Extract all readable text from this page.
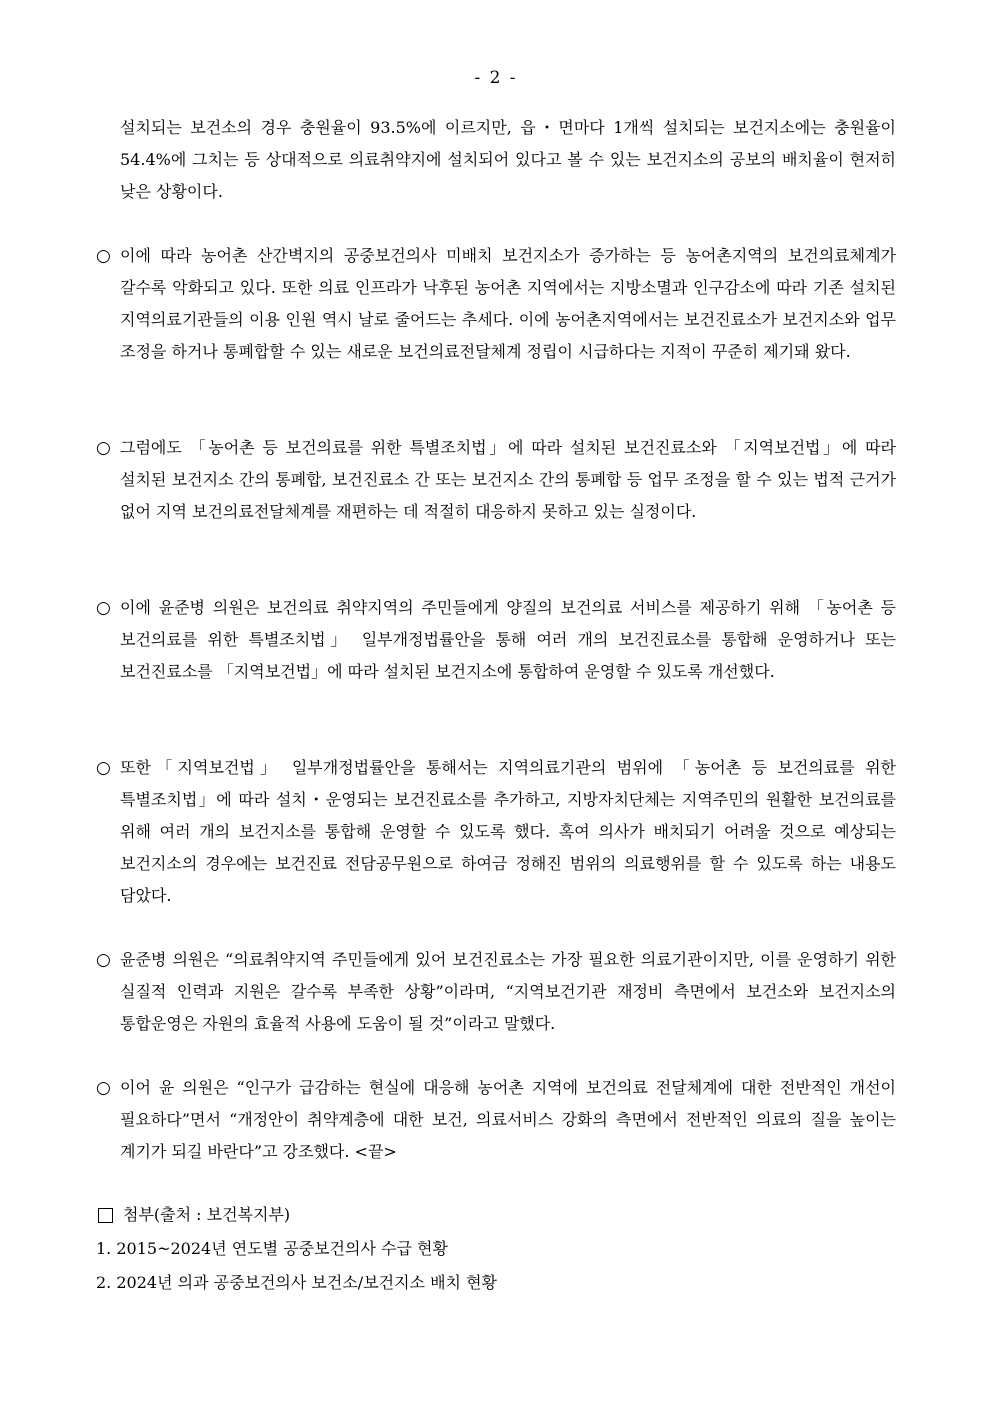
- 2 -
설치되는 보건소의 경우 충원율이 93.5%에 이르지만, 읍・면마다 1개씩 설치되는 보건지소에는 충원율이 54.4%에 그치는 등 상대적으로 의료취약지에 설치되어 있다고 볼 수 있는 보건지소의 공보의 배치율이 현저히 낮은 상황이다.
○ 이에 따라 농어촌 산간벽지의 공중보건의사 미배치 보건지소가 증가하는 등 농어촌지역의 보건의료체계가 갈수록 악화되고 있다. 또한 의료 인프라가 낙후된 농어촌 지역에서는 지방소멸과 인구감소에 따라 기존 설치된 지역의료기관들의 이용 인원 역시 날로 줄어드는 추세다. 이에 농어촌지역에서는 보건진료소가 보건지소와 업무 조정을 하거나 통폐합할 수 있는 새로운 보건의료전달체계 정립이 시급하다는 지적이 꾸준히 제기돼 왔다.
○ 그럼에도 「농어촌 등 보건의료를 위한 특별조치법」에 따라 설치된 보건진료소와 「지역보건법」에 따라 설치된 보건지소 간의 통폐합, 보건진료소 간 또는 보건지소 간의 통폐합 등 업무 조정을 할 수 있는 법적 근거가 없어 지역 보건의료전달체계를 재편하는 데 적절히 대응하지 못하고 있는 실정이다.
○ 이에 윤준병 의원은 보건의료 취약지역의 주민들에게 양질의 보건의료 서비스를 제공하기 위해 「농어촌 등 보건의료를 위한 특별조치법」 일부개정법률안을 통해 여러 개의 보건진료소를 통합해 운영하거나 또는 보건진료소를 「지역보건법」에 따라 설치된 보건지소에 통합하여 운영할 수 있도록 개선했다.
○ 또한「지역보건법」 일부개정법률안을 통해서는 지역의료기관의 범위에 「농어촌 등 보건의료를 위한 특별조치법」에 따라 설치・운영되는 보건진료소를 추가하고, 지방자치단체는 지역주민의 원활한 보건의료를 위해 여러 개의 보건지소를 통합해 운영할 수 있도록 했다. 혹여 의사가 배치되기 어려울 것으로 예상되는 보건지소의 경우에는 보건진료 전담공무원으로 하여금 정해진 범위의 의료행위를 할 수 있도록 하는 내용도 담았다.
○ 윤준병 의원은 “의료취약지역 주민들에게 있어 보건진료소는 가장 필요한 의료기관이지만, 이를 운영하기 위한 실질적 인력과 지원은 갈수록 부족한 상황”이라며, “지역보건기관 재정비 측면에서 보건소와 보건지소의 통합운영은 자원의 효율적 사용에 도움이 될 것”이라고 말했다.
○ 이어 윤 의원은 “인구가 급감하는 현실에 대응해 농어촌 지역에 보건의료 전달체계에 대한 전반적인 개선이 필요하다”면서 “개정안이 취약계층에 대한 보건, 의료서비스 강화의 측면에서 전반적인 의료의 질을 높이는 계기가 되길 바란다”고 강조했다. <끝>
첨부(출처 : 보건복지부)
1. 2015~2024년 연도별 공중보건의사 수급 현황
2. 2024년 의과 공중보건의사 보건소/보건지소 배치 현황
